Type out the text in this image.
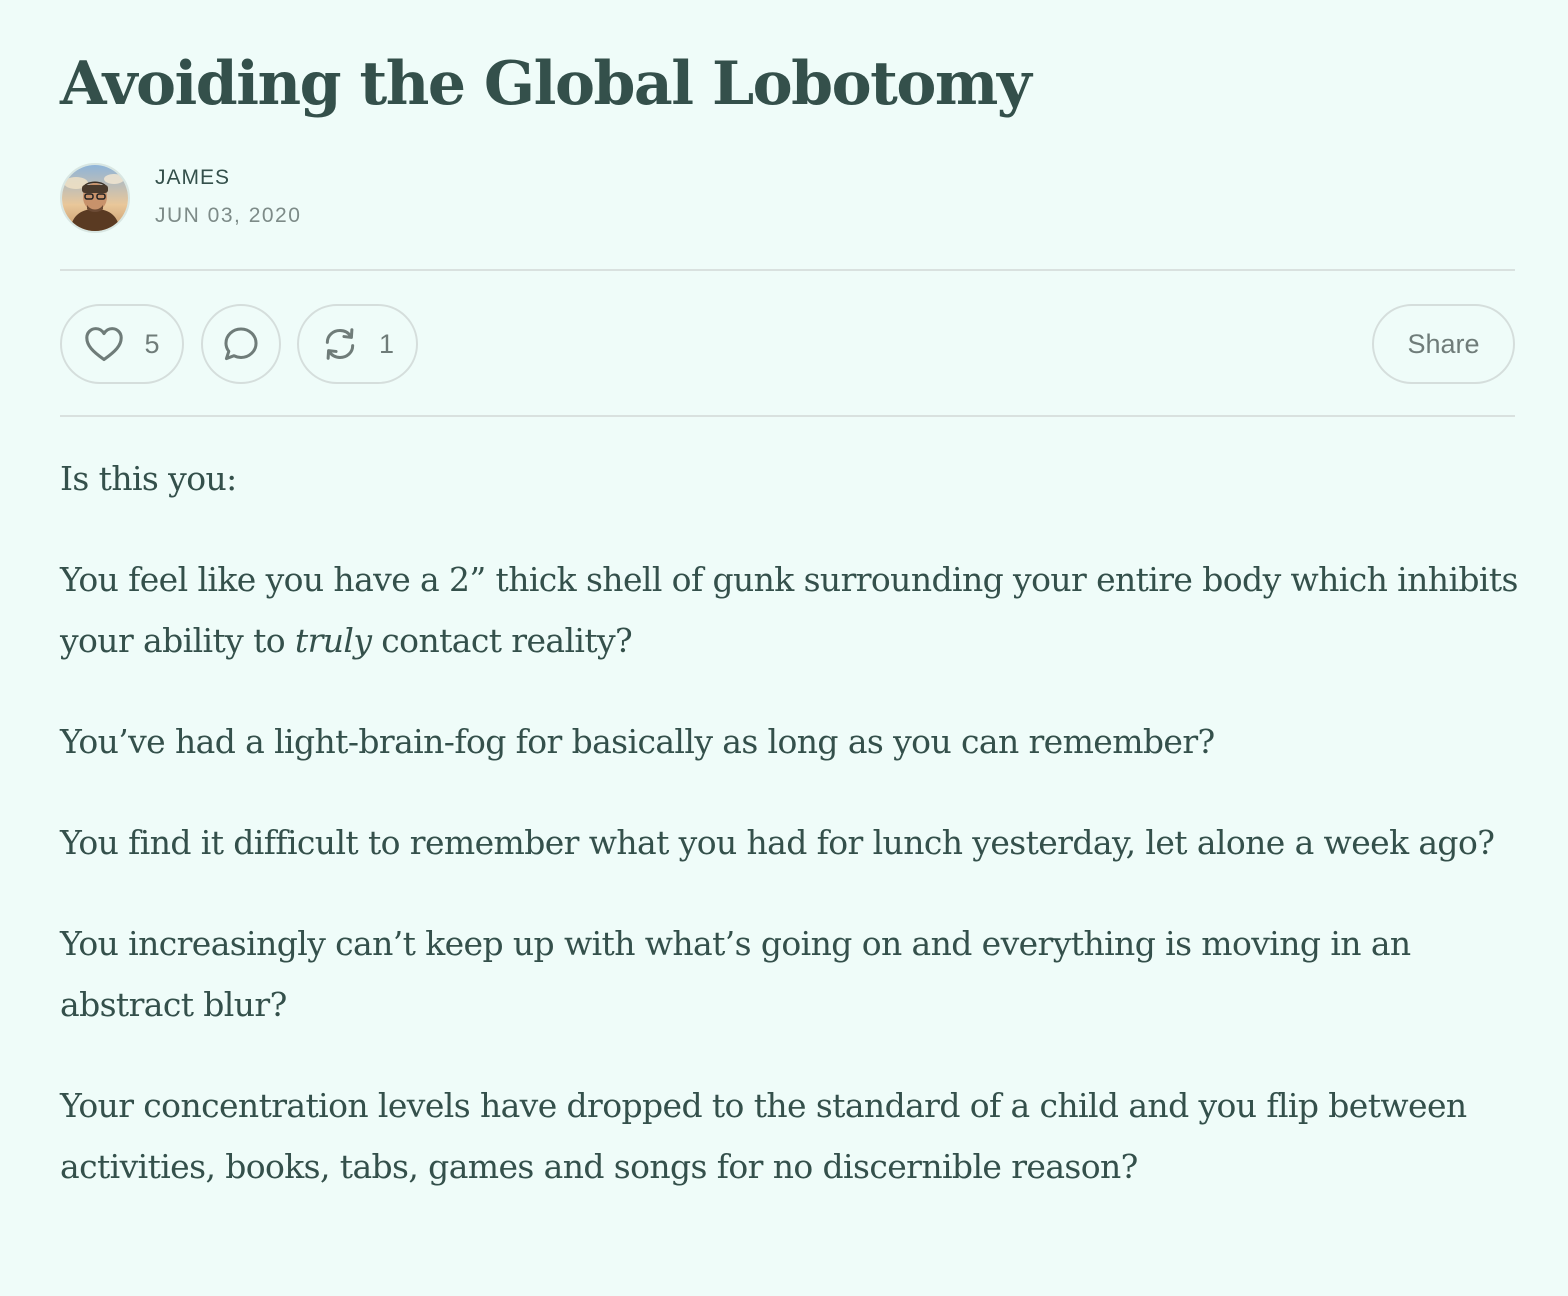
Avoiding the Global Lobotomy
JAMES
JUN 03, 2020
5	1	Share

Is this you:

You feel like you have a 2” thick shell of gunk surrounding your entire body which inhibits your ability to truly contact reality?

You’ve had a light-brain-fog for basically as long as you can remember?

You find it difficult to remember what you had for lunch yesterday, let alone a week ago?

You increasingly can’t keep up with what’s going on and everything is moving in an abstract blur?

Your concentration levels have dropped to the standard of a child and you flip between activities, books, tabs, games and songs for no discernible reason?
